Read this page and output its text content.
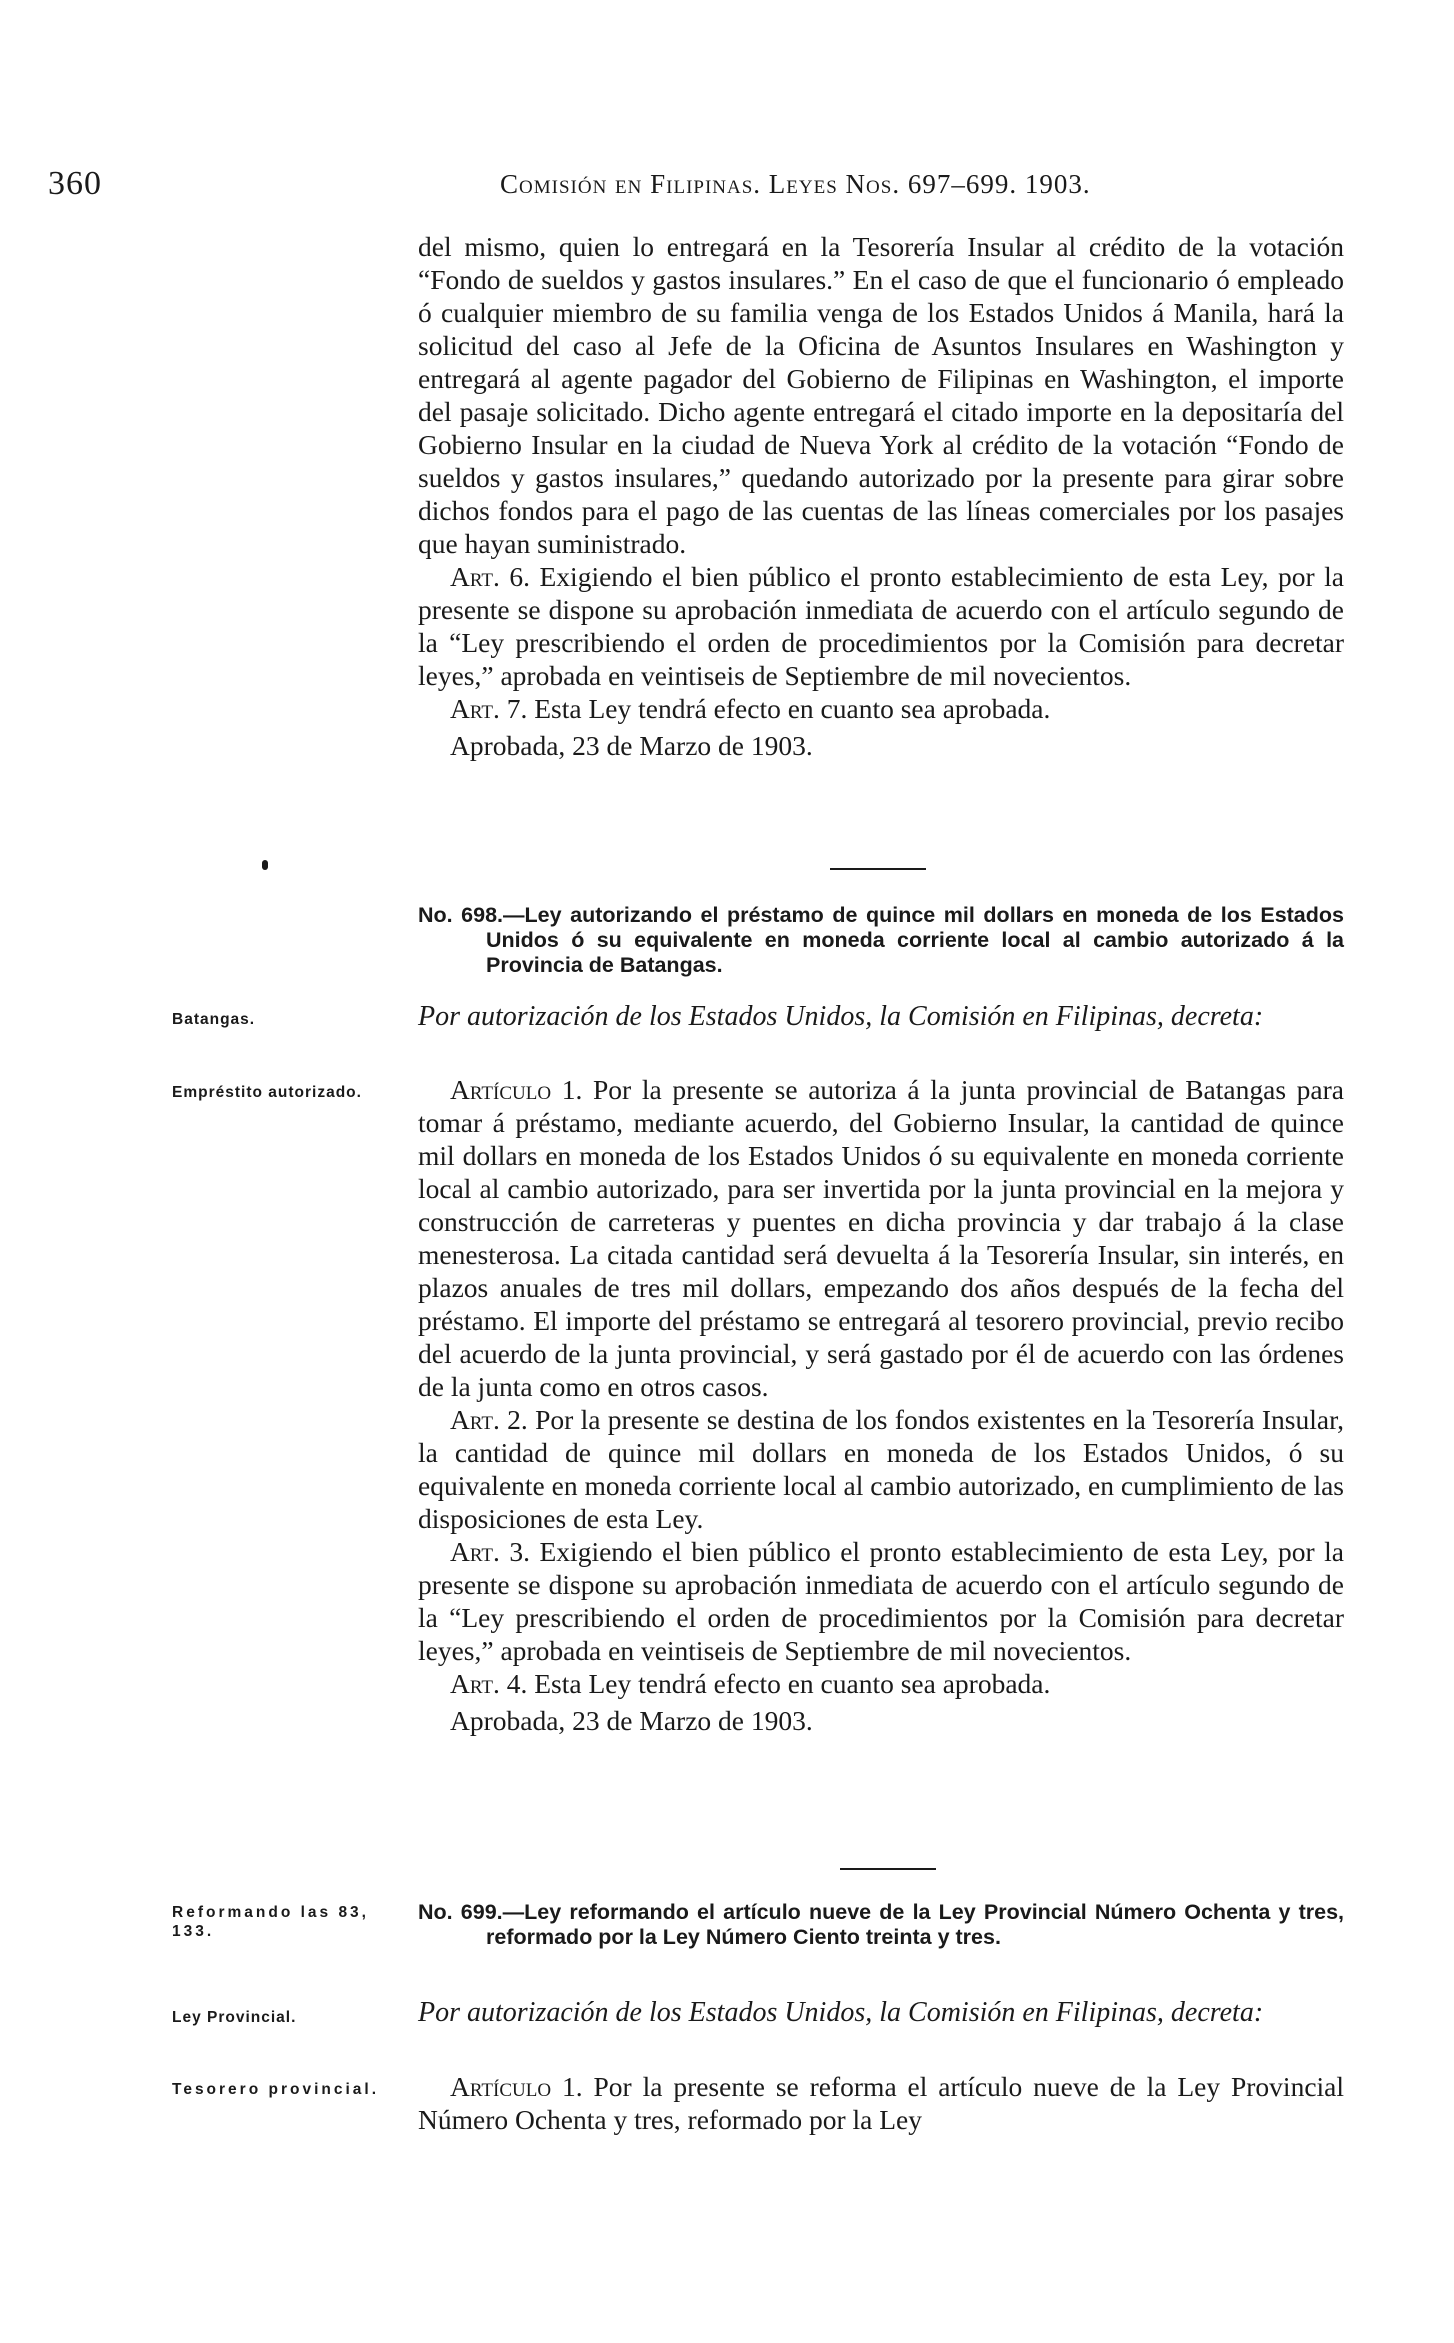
360	Comisión en Filipinas. Leyes Nos. 697–699. 1903.

del mismo, quien lo entregará en la Tesorería Insular al crédito de la votación “Fondo de sueldos y gastos insulares.” En el caso de que el funcionario ó empleado ó cualquier miembro de su familia venga de los Estados Unidos á Manila, hará la solicitud del caso al Jefe de la Oficina de Asuntos Insulares en Washington y entregará al agente pagador del Gobierno de Filipinas en Washington, el importe del pasaje solicitado. Dicho agente entregará el citado importe en la depositaría del Gobierno Insular en la ciudad de Nueva York al crédito de la votación “Fondo de sueldos y gastos insulares,” quedando autorizado por la presente para girar sobre dichos fondos para el pago de las cuentas de las líneas comerciales por los pasajes que hayan suministrado.

Art. 6. Exigiendo el bien público el pronto establecimiento de esta Ley, por la presente se dispone su aprobación inmediata de acuerdo con el artículo segundo de la “Ley prescribiendo el orden de procedimientos por la Comisión para decretar leyes,” aprobada en veintiseis de Septiembre de mil novecientos.

Art. 7. Esta Ley tendrá efecto en cuanto sea aprobada.

Aprobada, 23 de Marzo de 1903.

No. 698.—Ley autorizando el préstamo de quince mil dollars en moneda de los Estados Unidos ó su equivalente en moneda corriente local al cambio autorizado á la Provincia de Batangas.
Batangas.	Por autorización de los Estados Unidos, la Comisión en Filipinas, decreta:
Empréstito autorizado.	Artículo 1. Por la presente se autoriza á la junta provincial de Batangas para tomar á préstamo, mediante acuerdo, del Gobierno Insular, la cantidad de quince mil dollars en moneda de los Estados Unidos ó su equivalente en moneda corriente local al cambio autorizado, para ser invertida por la junta provincial en la mejora y construcción de carreteras y puentes en dicha provincia y dar trabajo á la clase menesterosa. La citada cantidad será devuelta á la Tesorería Insular, sin interés, en plazos anuales de tres mil dollars, empezando dos años después de la fecha del préstamo. El importe del préstamo se entregará al tesorero provincial, previo recibo del acuerdo de la junta provincial, y será gastado por él de acuerdo con las órdenes de la junta como en otros casos.

Art. 2. Por la presente se destina de los fondos existentes en la Tesorería Insular, la cantidad de quince mil dollars en moneda de los Estados Unidos, ó su equivalente en moneda corriente local al cambio autorizado, en cumplimiento de las disposiciones de esta Ley.

Art. 3. Exigiendo el bien público el pronto establecimiento de esta Ley, por la presente se dispone su aprobación inmediata de acuerdo con el artículo segundo de la “Ley prescribiendo el orden de procedimientos por la Comisión para decretar leyes,” aprobada en veintiseis de Septiembre de mil novecientos.

Art. 4. Esta Ley tendrá efecto en cuanto sea aprobada.

Aprobada, 23 de Marzo de 1903.

Reformando las 83, 133.
No. 699.—Ley reformando el artículo nueve de la Ley Provincial Número Ochenta y tres, reformado por la Ley Número Ciento treinta y tres.
Ley Provincial.	Por autorización de los Estados Unidos, la Comisión en Filipinas, decreta:
Tesorero provincial.	Artículo 1. Por la presente se reforma el artículo nueve de la Ley Provincial Número Ochenta y tres, reformado por la Ley
